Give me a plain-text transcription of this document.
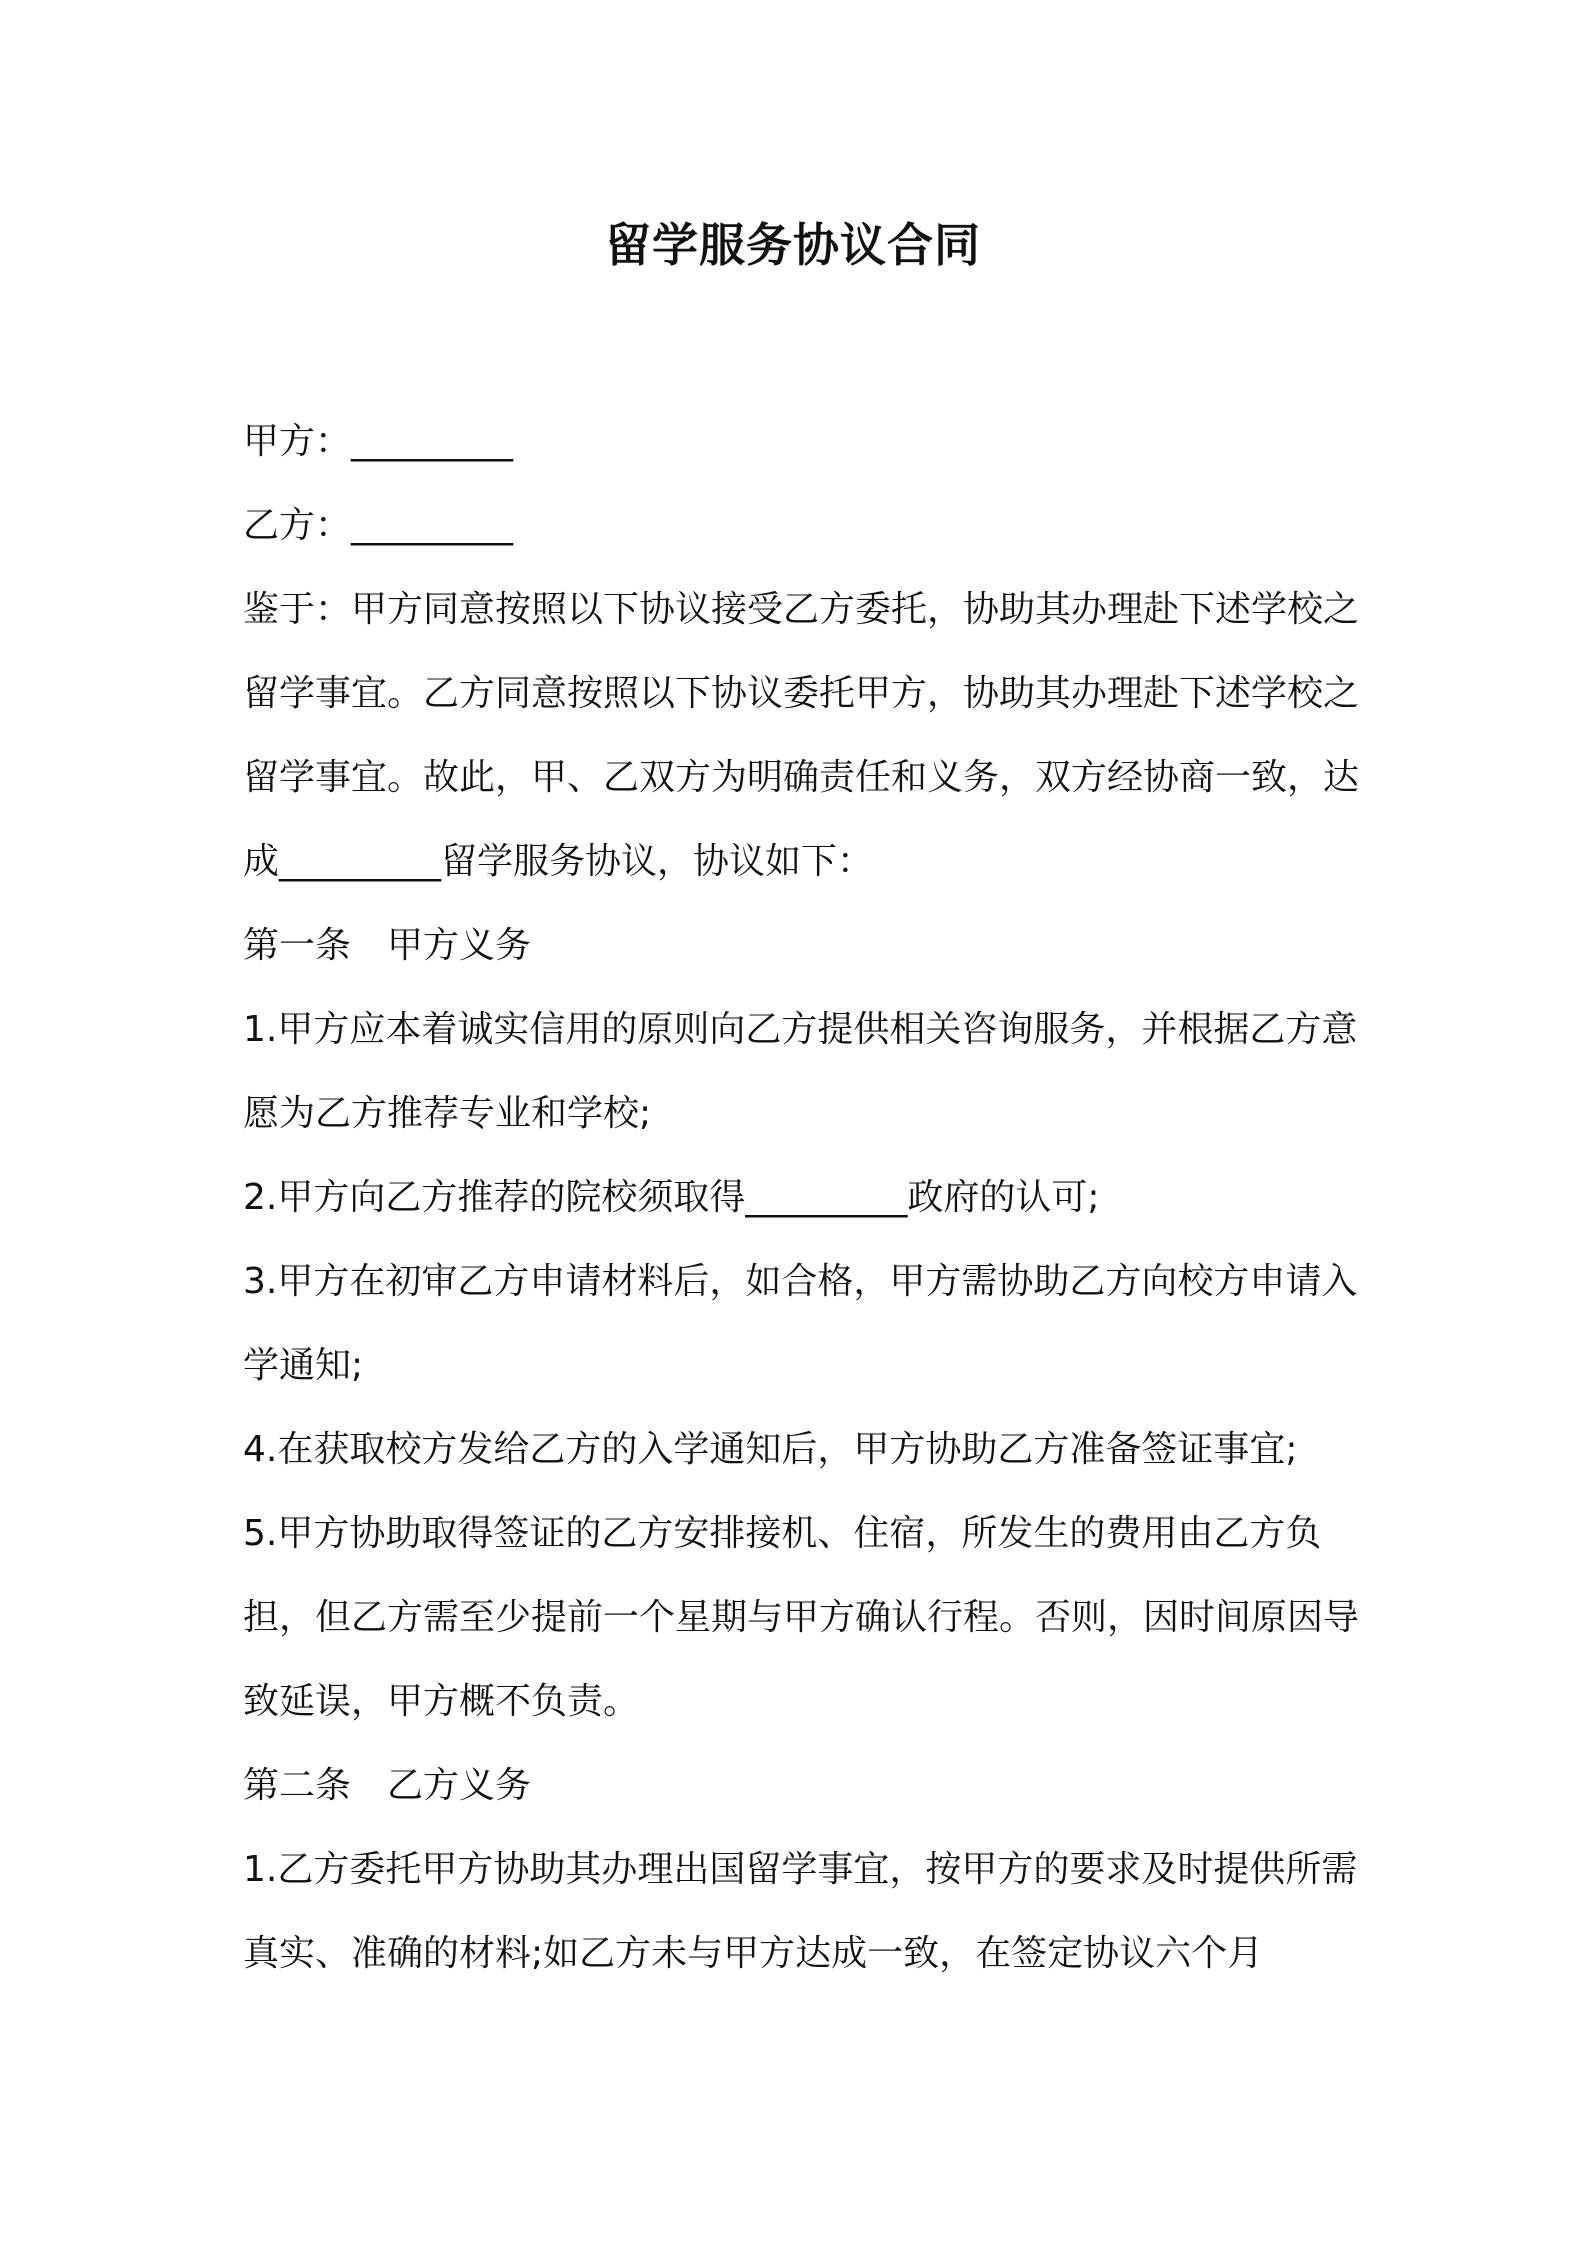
留学服务协议合同

甲方：_________

乙方：_________

鉴于：甲方同意按照以下协议接受乙方委托，协助其办理赴下述学校之留学事宜。乙方同意按照以下协议委托甲方，协助其办理赴下述学校之留学事宜。故此，甲、乙双方为明确责任和义务，双方经协商一致，达成_________留学服务协议，协议如下：

第一条　甲方义务

1.甲方应本着诚实信用的原则向乙方提供相关咨询服务，并根据乙方意愿为乙方推荐专业和学校;

2.甲方向乙方推荐的院校须取得_________政府的认可;

3.甲方在初审乙方申请材料后，如合格，甲方需协助乙方向校方申请入学通知;

4.在获取校方发给乙方的入学通知后，甲方协助乙方准备签证事宜;

5.甲方协助取得签证的乙方安排接机、住宿，所发生的费用由乙方负担，但乙方需至少提前一个星期与甲方确认行程。否则，因时间原因导致延误，甲方概不负责。

第二条　乙方义务

1.乙方委托甲方协助其办理出国留学事宜，按甲方的要求及时提供所需真实、准确的材料;如乙方未与甲方达成一致，在签定协议六个月
